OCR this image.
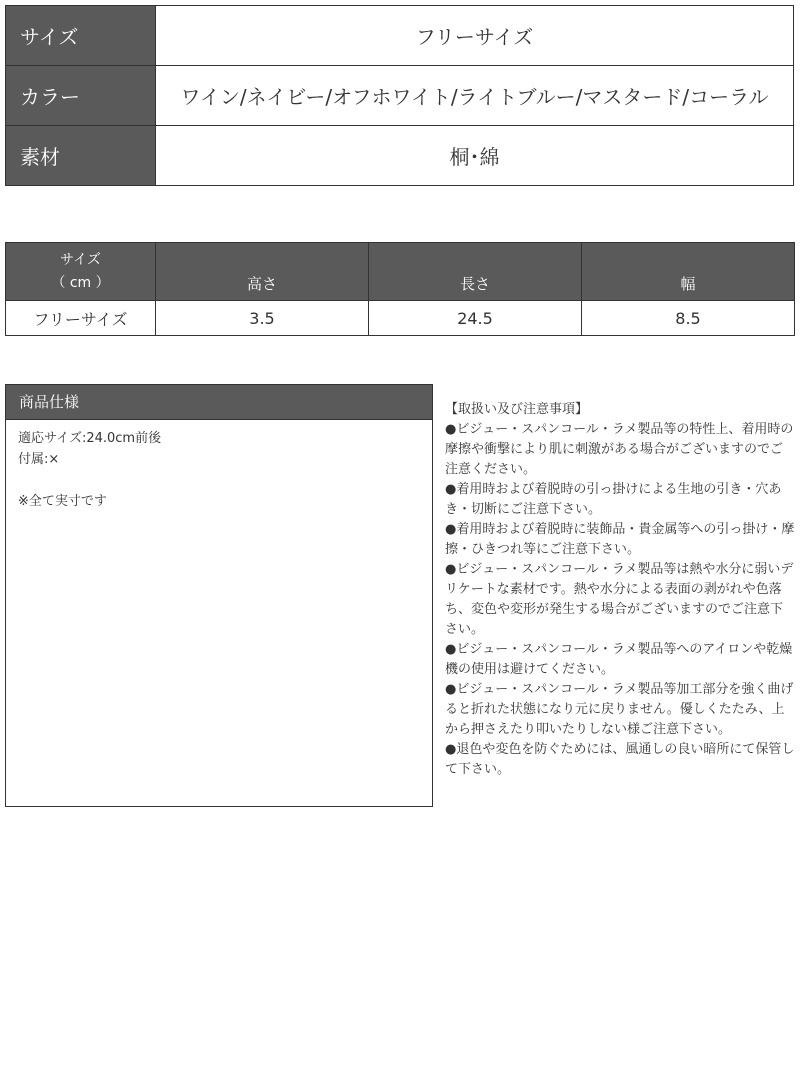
サイズ	フリーサイズ
カラー	ワイン/ネイビー/オフホワイト/ライトブルー/マスタード/コーラル
素材	桐･綿
サイズ
（ cm ）	高さ	長さ	幅
フリーサイズ	3.5	24.5	8.5
商品仕様
適応サイズ:24.0cm前後
付属:×
※全て実寸です

【取扱い及び注意事項】

●ビジュー・スパンコール・ラメ製品等の特性上、着用時の摩擦や衝撃により肌に刺激がある場合がございますのでご注意ください。

●着用時および着脱時の引っ掛けによる生地の引き・穴あき・切断にご注意下さい。

●着用時および着脱時に装飾品・貴金属等への引っ掛け・摩擦・ひきつれ等にご注意下さい。

●ビジュー・スパンコール・ラメ製品等は熱や水分に弱いデリケートな素材です。熱や水分による表面の剥がれや色落ち、変色や変形が発生する場合がございますのでご注意下さい。

●ビジュー・スパンコール・ラメ製品等へのアイロンや乾燥機の使用は避けてください。

●ビジュー・スパンコール・ラメ製品等加工部分を強く曲げると折れた状態になり元に戻りません。優しくたたみ、上から押さえたり叩いたりしない様ご注意下さい。

●退色や変色を防ぐためには、風通しの良い暗所にて保管して下さい。
